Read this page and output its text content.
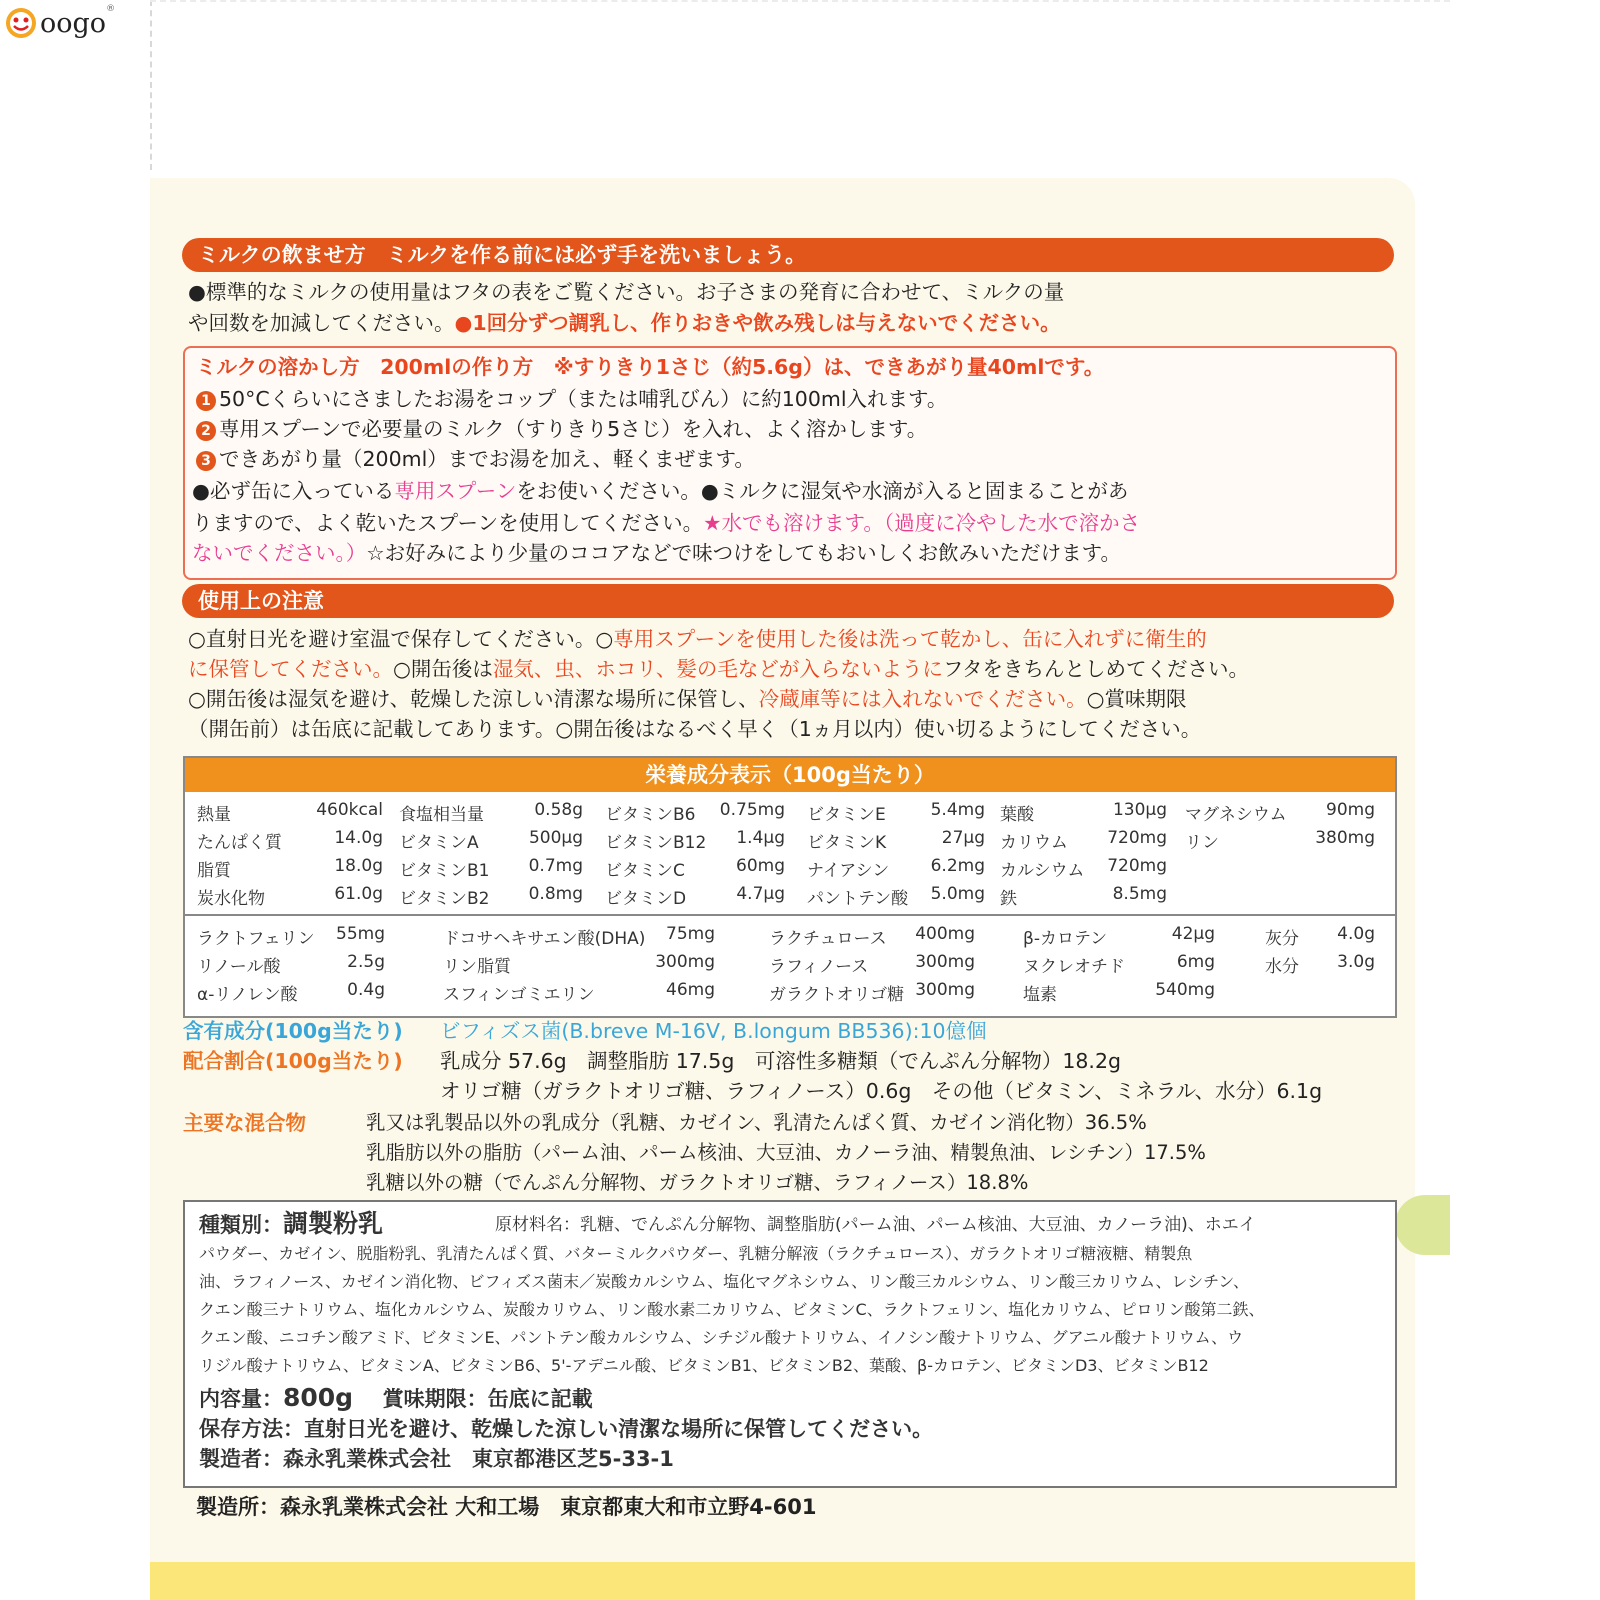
oogo ®
ミルクの飲ませ方　ミルクを作る前には必ず手を洗いましょう。
●標準的なミルクの使用量はフタの表をご覧ください。お子さまの発育に合わせて、ミルクの量
や回数を加減してください。●1回分ずつ調乳し、作りおきや飲み残しは与えないでください。
ミルクの溶かし方　200mlの作り方　※すりきり1さじ（約5.6g）は、できあがり量40mlです。
1 50°Cくらいにさましたお湯をコップ（または哺乳びん）に約100ml入れます。
2 専用スプーンで必要量のミルク（すりきり5さじ）を入れ、よく溶かします。
3 できあがり量（200ml）までお湯を加え、軽くまぜます。
●必ず缶に入っている専用スプーンをお使いください。●ミルクに湿気や水滴が入ると固まることがあ
りますので、よく乾いたスプーンを使用してください。★水でも溶けます。（過度に冷やした水で溶かさ
ないでください。）☆お好みにより少量のココアなどで味つけをしてもおいしくお飲みいただけます。
使用上の注意
○直射日光を避け室温で保存してください。○専用スプーンを使用した後は洗って乾かし、缶に入れずに衛生的
に保管してください。○開缶後は湿気、虫、ホコリ、髪の毛などが入らないようにフタをきちんとしめてください。
○開缶後は湿気を避け、乾燥した涼しい清潔な場所に保管し、冷蔵庫等には入れないでください。○賞味期限
（開缶前）は缶底に記載してあります。○開缶後はなるべく早く（1ヵ月以内）使い切るようにしてください。
栄養成分表示（100g当たり）
熱量	460kcal 食塩相当量	0.58g ビタミンB6	0.75mg ビタミンE	5.4mg 葉酸	130μg マグネシウム	90mg
たんぱく質	14.0g ビタミンA	500μg ビタミンB12	1.4μg ビタミンK	27μg カリウム	720mg リン	380mg
脂質	18.0g ビタミンB1	0.7mg ビタミンC	60mg ナイアシン	6.2mg カルシウム	720mg
炭水化物	61.0g ビタミンB2	0.8mg ビタミンD	4.7μg パントテン酸	5.0mg 鉄	8.5mg
ラクトフェリン	55mg	ドコサヘキサエン酸(DHA)	75mg	ラクチュロース	400mg	β-カロテン	42μg	灰分	4.0g
リノール酸	2.5g	リン脂質	300mg	ラフィノース	300mg	ヌクレオチド	6mg	水分	3.0g
α-リノレン酸	0.4g	スフィンゴミエリン	46mg	ガラクトオリゴ糖 300mg	塩素	540mg
含有成分(100g当たり) ビフィズス菌(B.breve M-16V, B.longum BB536):10億個
配合割合(100g当たり) 乳成分 57.6g　調整脂肪 17.5g　可溶性多糖類（でんぷん分解物）18.2g
オリゴ糖（ガラクトオリゴ糖、ラフィノース）0.6g　その他（ビタミン、ミネラル、水分）6.1g
主要な混合物	乳又は乳製品以外の乳成分（乳糖、カゼイン、乳清たんぱく質、カゼイン消化物）36.5%
乳脂肪以外の脂肪（パーム油、パーム核油、大豆油、カノーラ油、精製魚油、レシチン）17.5%
乳糖以外の糖（でんぷん分解物、ガラクトオリゴ糖、ラフィノース）18.8%
種類別：調製粉乳	原材料名：乳糖、でんぷん分解物、調整脂肪(パーム油、パーム核油、大豆油、カノーラ油)、ホエイ
パウダー、カゼイン、脱脂粉乳、乳清たんぱく質、バターミルクパウダー、乳糖分解液（ラクチュロース）、ガラクトオリゴ糖液糖、精製魚
油、ラフィノース、カゼイン消化物、ビフィズス菌末／炭酸カルシウム、塩化マグネシウム、リン酸三カルシウム、リン酸三カリウム、レシチン、
クエン酸三ナトリウム、塩化カルシウム、炭酸カリウム、リン酸水素二カリウム、ビタミンC、ラクトフェリン、塩化カリウム、ピロリン酸第二鉄、
クエン酸、ニコチン酸アミド、ビタミンE、パントテン酸カルシウム、シチジル酸ナトリウム、イノシン酸ナトリウム、グアニル酸ナトリウム、ウ
リジル酸ナトリウム、ビタミンA、ビタミンB6、5'-アデニル酸、ビタミンB1、ビタミンB2、葉酸、β-カロテン、ビタミンD3、ビタミンB12
内容量：800g 賞味期限：缶底に記載
保存方法：直射日光を避け、乾燥した涼しい清潔な場所に保管してください。
製造者：森永乳業株式会社　東京都港区芝5-33-1
製造所：森永乳業株式会社 大和工場　東京都東大和市立野4-601
